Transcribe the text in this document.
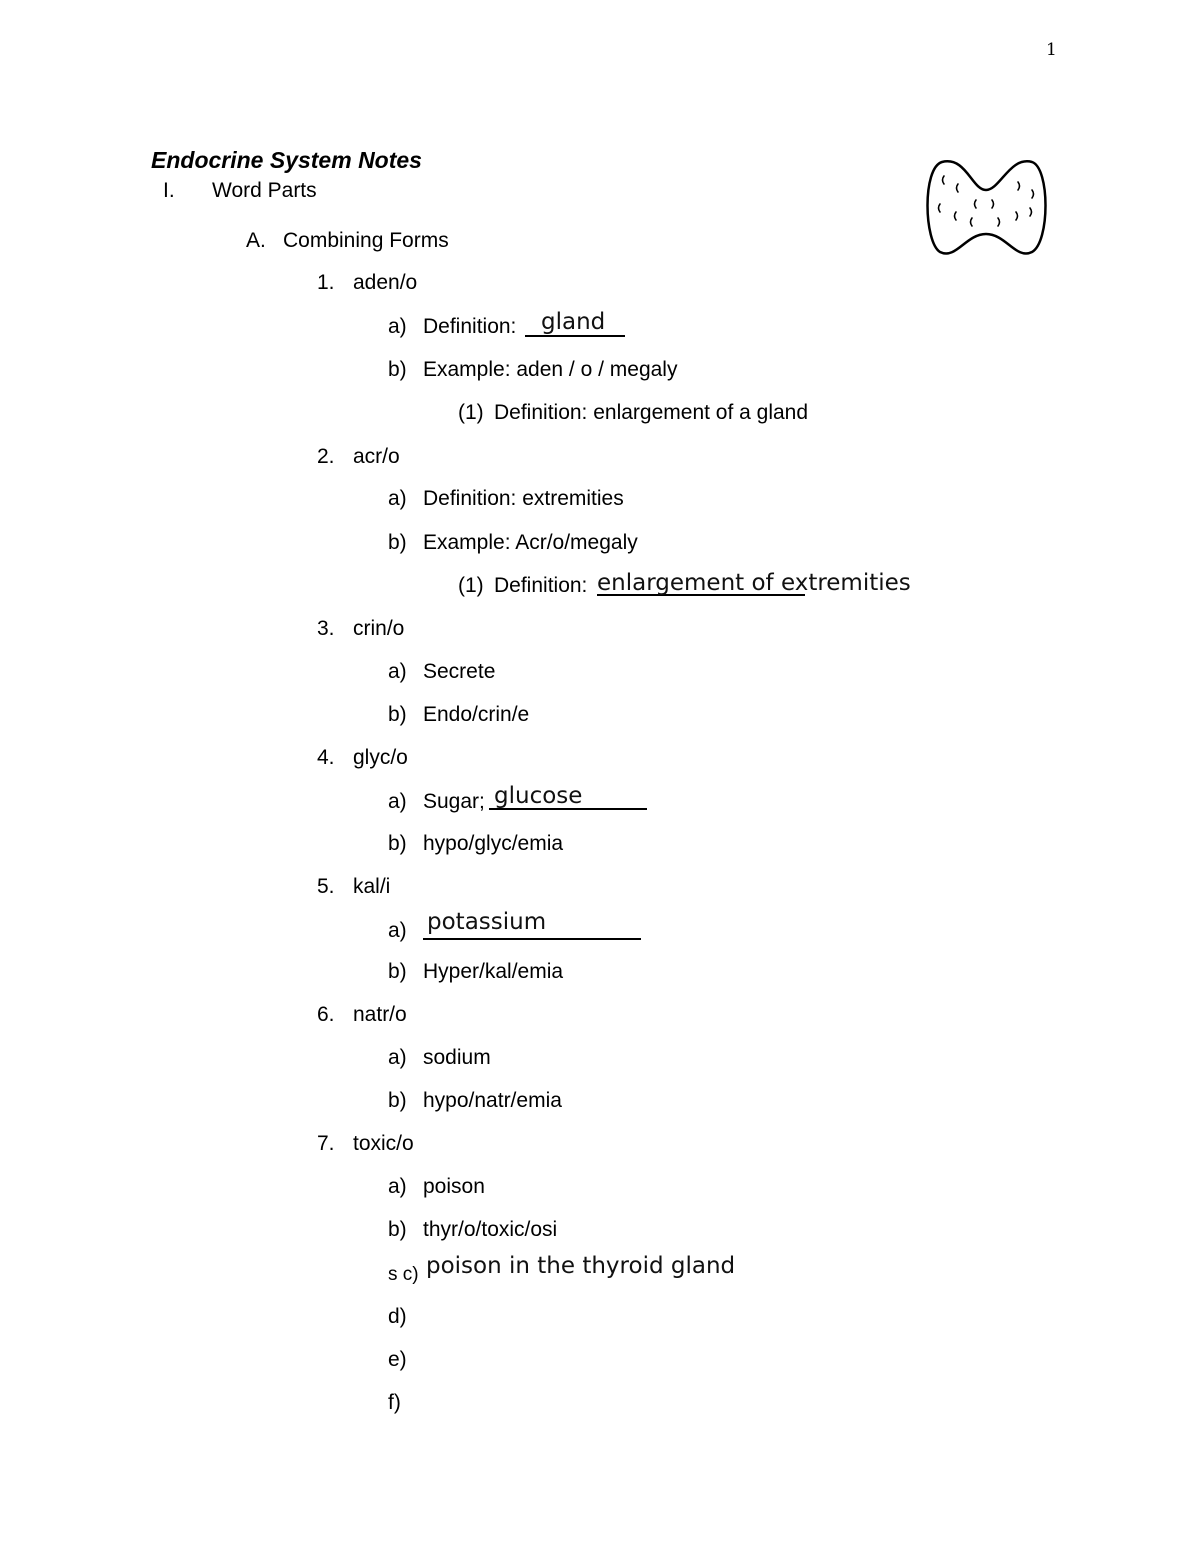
1
Endocrine System Notes
I. Word Parts
A. Combining Forms
1. aden/o
a) Definition: gland
b) Example: aden / o / megaly
(1) Definition: enlargement of a gland
2. acr/o
a) Definition: extremities
b) Example: Acr/o/megaly
(1) Definition: enlargement of extremities
3. crin/o
a) Secrete
b) Endo/crin/e
4. glyc/o
a) Sugar; glucose
b) hypo/glyc/emia
5. kal/i
a) potassium
b) Hyper/kal/emia
6. natr/o
a) sodium
b) hypo/natr/emia
7. toxic/o
a) poison
b) thyr/o/toxic/osi
s c) poison in the thyroid gland
d)
e)
f)
